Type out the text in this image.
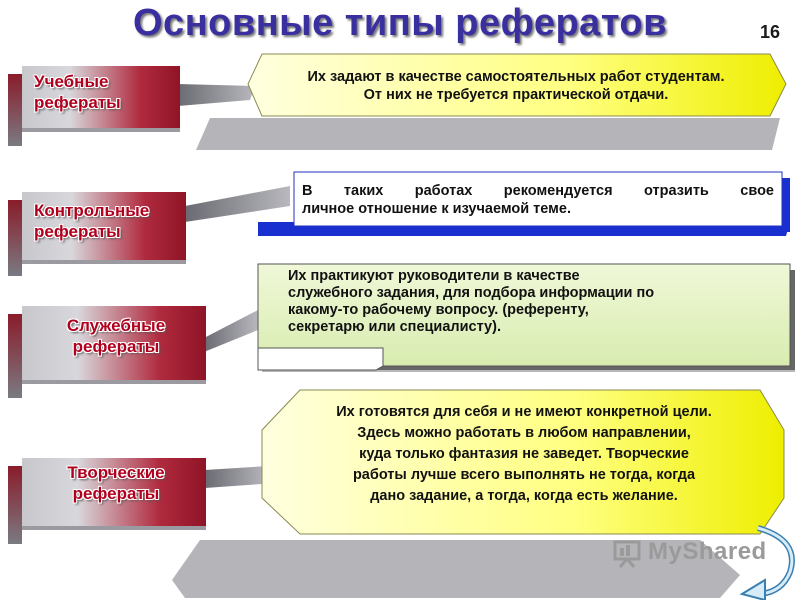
Основные типы рефератов	16
Учебные
рефераты
Контрольные
рефераты
Служебные
рефераты
Творческие
рефераты
Их задают в качестве самостоятельных работ студентам.
От них не требуется практической отдачи.
В таких работах рекомендуется отразить свое
личное отношение к изучаемой теме.
Их практикуют руководители в качестве
служебного задания, для подбора информации по
какому-то рабочему вопросу. (референту,
секретарю или специалисту).
Их готовятся для себя и не имеют конкретной цели.
Здесь можно работать в любом направлении,
куда только фантазия не заведет. Творческие
работы лучше всего выполнять не тогда, когда
дано задание, а тогда, когда есть желание.
MyShared
